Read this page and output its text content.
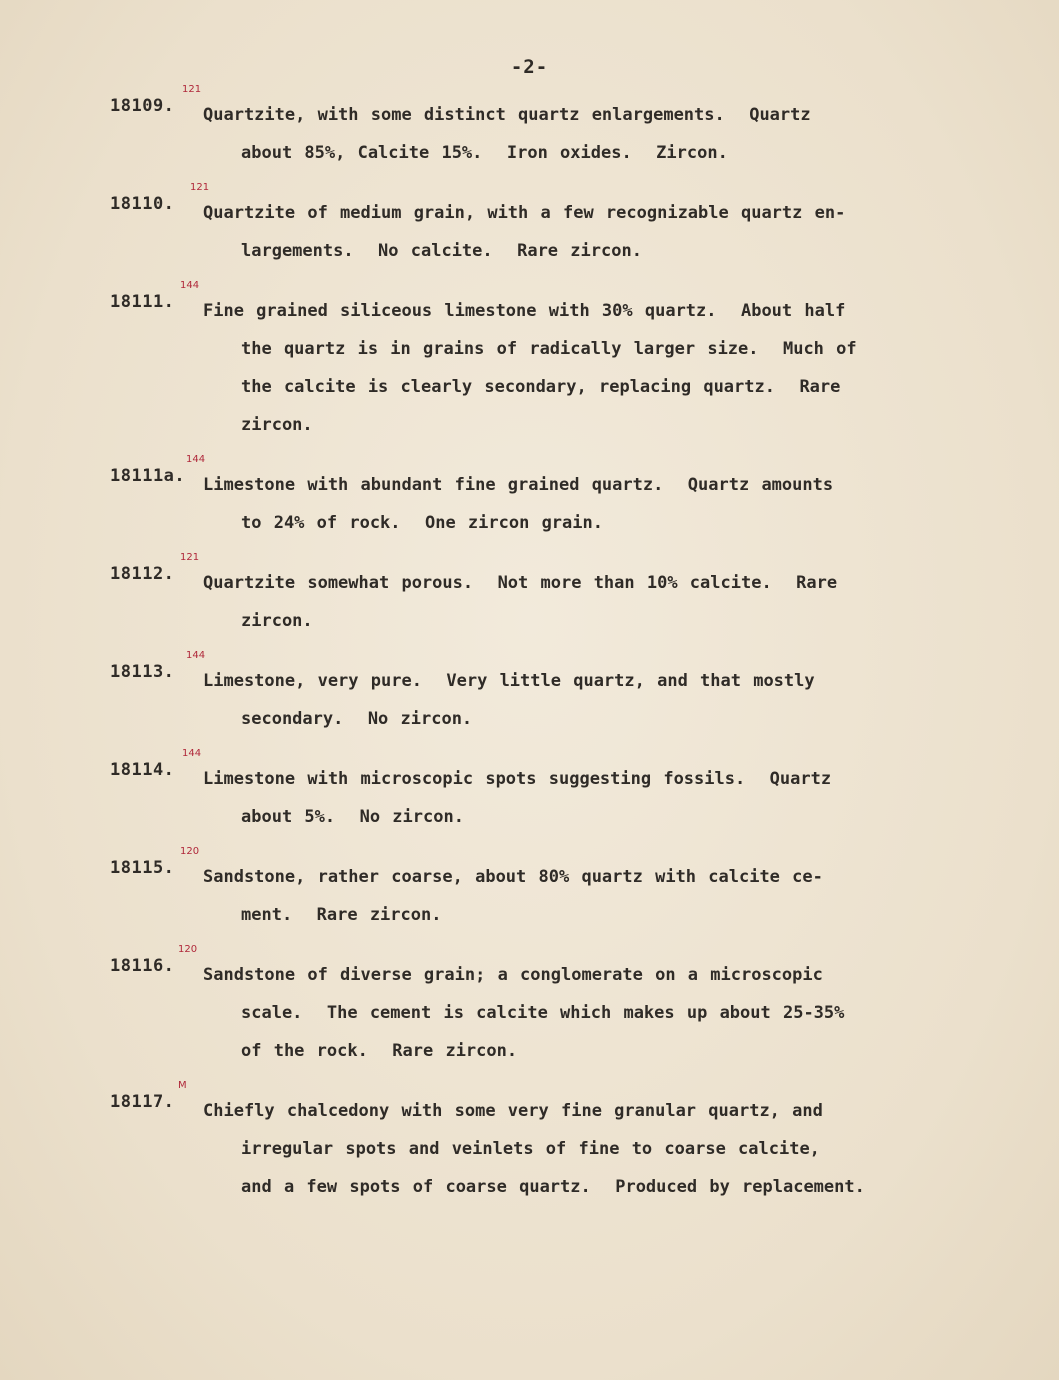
-2-
18109.
121
Quartzite, with some distinct quartz enlargements.  Quartz
about 85%, Calcite 15%.  Iron oxides.  Zircon.
18110.
121
Quartzite of medium grain, with a few recognizable quartz en-
largements.  No calcite.  Rare zircon.
18111.
144
Fine grained siliceous limestone with 30% quartz.  About half
the quartz is in grains of radically larger size.  Much of
the calcite is clearly secondary, replacing quartz.  Rare
zircon.
18111a.
144
Limestone with abundant fine grained quartz.  Quartz amounts
to 24% of rock.  One zircon grain.
18112.
121
Quartzite somewhat porous.  Not more than 10% calcite.  Rare
zircon.
18113.
144
Limestone, very pure.  Very little quartz, and that mostly
secondary.  No zircon.
18114.
144
Limestone with microscopic spots suggesting fossils.  Quartz
about 5%.  No zircon.
18115.
120
Sandstone, rather coarse, about 80% quartz with calcite ce-
ment.  Rare zircon.
18116.
120
Sandstone of diverse grain; a conglomerate on a microscopic
scale.  The cement is calcite which makes up about 25-35%
of the rock.  Rare zircon.
18117.
M
Chiefly chalcedony with some very fine granular quartz, and
irregular spots and veinlets of fine to coarse calcite,
and a few spots of coarse quartz.  Produced by replacement.
